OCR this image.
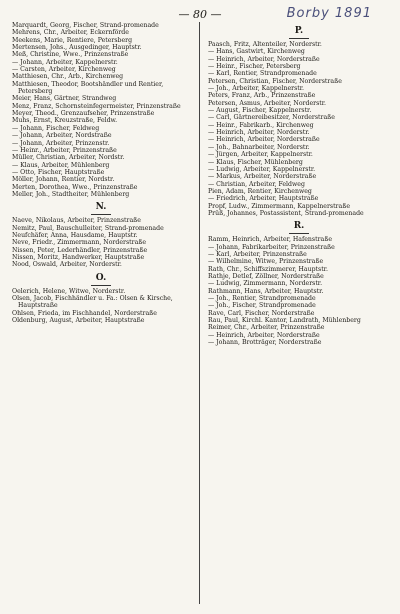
— 80 —	Borby 1891

Marquardt, Georg, Fischer, Strand-promenade

Mehrens, Chr., Arbeiter, Eckernförde

Meekens, Marie, Rentiere, Petersberg

Mertensen, Johs., Ausgedinger, Hauptstr.

Meß, Christine, Wwe., Prinzenstraße

— Johann, Arbeiter, Kappelnerstr.

— Carsten, Arbeiter, Kirchenweg

Matthiesen, Chr., Arb., Kirchenweg

Matthiesen, Theodor, Bootshändler und Rentier, Petersberg

Meier, Hans, Gärtner, Strandweg

Menz, Franz, Schornsteinfegermeister, Prinzenstraße

Meyer, Theod., Grenzaufseher, Prinzenstraße

Muhs, Ernst, Kreuzstraße, Feldw.

— Johann, Fischer, Feldweg

— Johann, Arbeiter, Nordstraße

— Johann, Arbeiter, Prinzenstr.

— Heinr., Arbeiter, Prinzenstraße

Müller, Christian, Arbeiter, Nordstr.

— Klaus, Arbeiter, Mühlenberg

— Otto, Fischer, Hauptstraße

Möller, Johann, Rentier, Nordstr.

Merten, Dorothea, Wwe., Prinzenstraße

Meller, Joh., Stadtheiter, Mühlenberg

N.

Naeve, Nikolaus, Arbeiter, Prinzenstraße

Nemitz, Paul, Bauschulleiter, Strand-promenade

Neufchäfer, Anna, Hausdame, Hauptstr.

Neve, Friedr., Zimmermann, Norderstraße

Nissen, Peter, Lederhändler, Prinzenstraße

Nissen, Moritz, Handwerker, Hauptstraße

Nood, Oswald, Arbeiter, Norderstr.

O.

Oelerich, Helene, Witwe, Norderstr.

Olsen, Jacob, Fischhändler u. Fa.: Olsen & Kirsche, Hauptstraße

Ohlsen, Frieda, im Fischhandel, Norderstraße

Oldenburg, August, Arbeiter, Hauptstraße

P.

Paasch, Fritz, Altenteiler, Norderstr.

— Hans, Gastwirt, Kirchenweg

— Heinrich, Arbeiter, Norderstraße

— Heinr., Fischer, Petersberg

— Karl, Rentier, Strandpromenade

Petersen, Christian, Fischer, Norderstraße

— Joh., Arbeiter, Kappelnerstr.

Peters, Franz, Arb., Prinzenstraße

Petersen, Asmus, Arbeiter, Norderstr.

— August, Fischer, Kappelnerstr.

— Carl, Gärtnereibesitzer, Norderstraße

— Heinr., Fabrikarb., Kirchenweg

— Heinrich, Arbeiter, Norderstr.

— Heinrich, Arbeiter, Norderstraße

— Joh., Bahnarbeiter, Norderstr.

— Jürgen, Arbeiter, Kappelnerstr.

— Klaus, Fischer, Mühlenberg

— Ludwig, Arbeiter, Kappelnerstr.

— Markus, Arbeiter, Norderstraße

— Christian, Arbeiter, Feldweg

Pien, Adam, Rentier, Kirchenweg

— Friedrich, Arbeiter, Hauptstraße

Propf, Ludw., Zimmermann, Kappelnerstraße

Prüß, Johannes, Postassistent, Strand-promenade

R.

Ramm, Heinrich, Arbeiter, Hafenstraße

— Johann, Fabrikarbeiter, Prinzenstraße

— Karl, Arbeiter, Prinzenstraße

— Wilhelmine, Witwe, Prinzenstraße

Rath, Chr., Schiffszimmerer, Hauptstr.

Rathje, Detlef, Zöllner, Norderstraße

— Ludwig, Zimmermann, Norderstr.

Rathmann, Hans, Arbeiter, Hauptstr.

— Joh., Rentier, Strandpromenade

— Joh., Fischer, Strandpromenade

Rave, Carl, Fischer, Norderstraße

Rau, Paul, Kirchl. Kantor, Landrath, Mühlenberg

Reimer, Chr., Arbeiter, Prinzenstraße

— Heinrich, Arbeiter, Norderstraße

— Johann, Brotträger, Norderstraße
